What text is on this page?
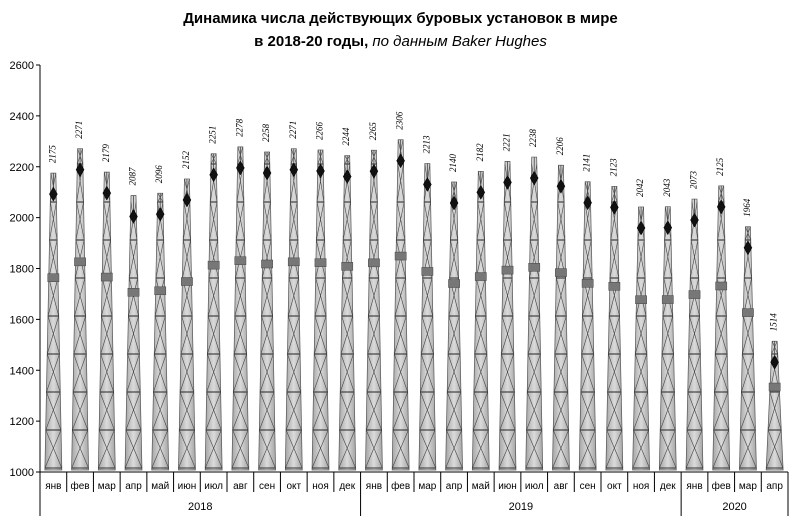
Динамика числа действующих буровых установок в мире
в 2018-20 годы, по данным Baker Hughes
1000
1200
1400
1600
1800
2000
2200
2400
2600
янв фев мар апр май июн июл авг сен окт ноя дек янв фев мар апр май июн июл авг сен окт ноя дек янв фев мар апр
2018	2019	2020
2175
2271
2179
2087 2096
2152
2251 2278 2258 2271 2266 2244 2265
2306
2213
2140
2182
2221 2238 2206
2141 2123
2042 2043 2073
2125
1964
1514
